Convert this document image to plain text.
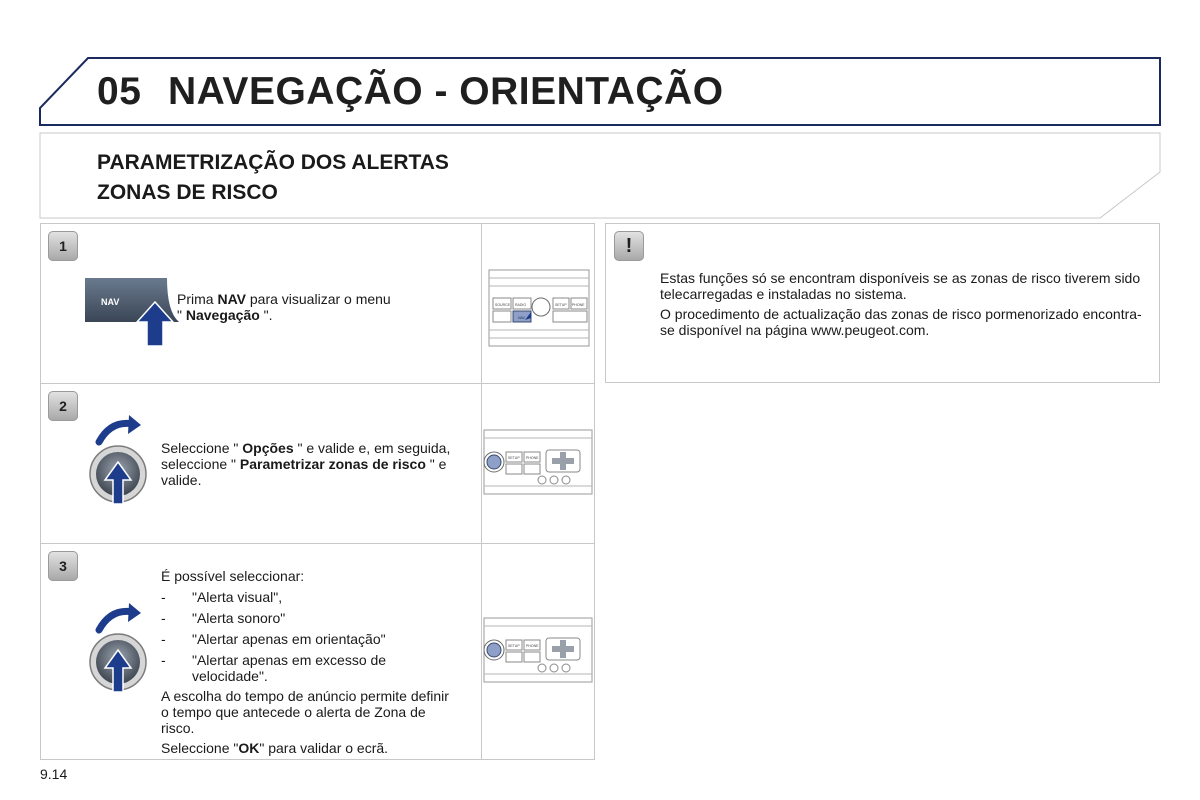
05 NAVEGAÇÃO - ORIENTAÇÃO
PARAMETRIZAÇÃO DOS ALERTAS
ZONAS DE RISCO
1
NAV	Prima NAV para visualizar o menu
" Navegação ".
SOURCE RADIO	SETUP PHONE
NAV
2
Seleccione " Opções " e valide e, em seguida, seleccione " Parametrizar zonas de risco " e valide.
SETUP PHONE
3
É possível seleccionar:
- "Alerta visual",
- "Alerta sonoro"
- "Alertar apenas em orientação"
- "Alertar apenas em excesso de velocidade".
A escolha do tempo de anúncio permite definir o tempo que antecede o alerta de Zona de risco.
Seleccione "OK" para validar o ecrã.
SETUP PHONE
!

Estas funções só se encontram disponíveis se as zonas de risco tiverem sido telecarregadas e instaladas no sistema.

O procedimento de actualização das zonas de risco pormenorizado encontra-se disponível na página www.peugeot.com.

9.14
